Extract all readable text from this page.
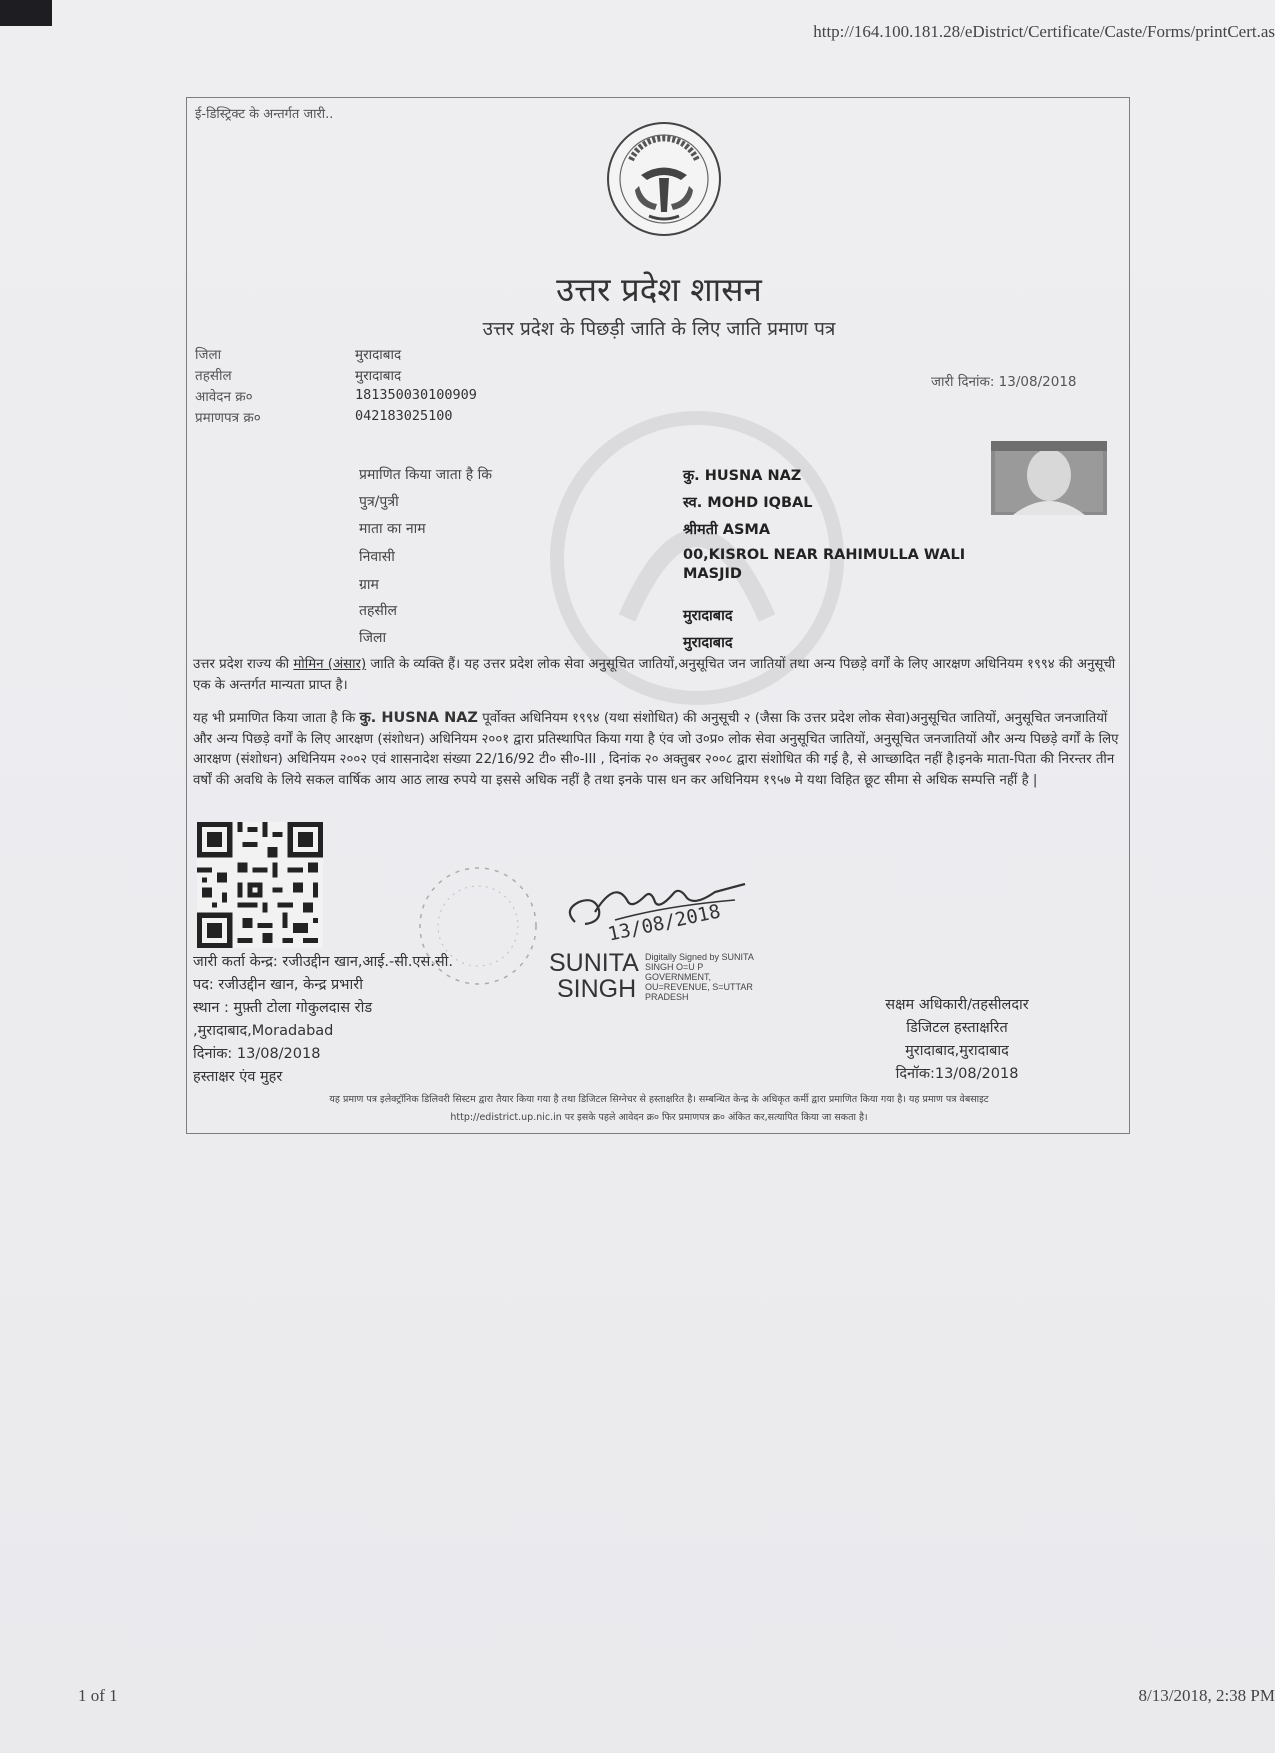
http://164.100.181.28/eDistrict/Certificate/Caste/Forms/printCert.as
ई-डिस्ट्रिक्ट के अन्तर्गत जारी..
उत्तर प्रदेश शासन
उत्तर प्रदेश के पिछड़ी जाति के लिए जाति प्रमाण पत्र
जिला	मुरादाबाद
तहसील	मुरादाबाद
आवेदन क्र०	181350030100909
प्रमाणपत्र क्र०	042183025100
जारी दिनांक: 13/08/2018
प्रमाणित किया जाता है कि	कु. HUSNA NAZ
पुत्र/पुत्री	स्व. MOHD IQBAL
माता का नाम	श्रीमती ASMA
निवासी	00,KISROL NEAR RAHIMULLA WALI
MASJID
ग्राम
तहसील	मुरादाबाद
जिला	मुरादाबाद
उत्तर प्रदेश राज्य की मोमिन (अंसार) जाति के व्यक्ति हैं। यह उत्तर प्रदेश लोक सेवा अनुसूचित जातियों,अनुसूचित जन जातियों तथा अन्य पिछड़े वर्गों के लिए आरक्षण अधिनियम १९९४ की अनुसूची एक के अन्तर्गत मान्यता प्राप्त है।
यह भी प्रमाणित किया जाता है कि कु. HUSNA NAZ पूर्वोक्त अधिनियम १९९४ (यथा संशोधित) की अनुसूची २ (जैसा कि उत्तर प्रदेश लोक सेवा)अनुसूचित जातियों, अनुसूचित जनजातियों और अन्य पिछड़े वर्गों के लिए आरक्षण (संशोधन) अधिनियम २००१ द्वारा प्रतिस्थापित किया गया है एंव जो उ०प्र० लोक सेवा अनुसूचित जातियों, अनुसूचित जनजातियों और अन्य पिछड़े वर्गों के लिए आरक्षण (संशोधन) अधिनियम २००२ एवं शासनादेश संख्या 22/16/92 टी० सी०-III , दिनांक २० अक्तुबर २००८ द्वारा संशोधित की गई है, से आच्छादित नहीं है।इनके माता-पिता की निरन्तर तीन वर्षों की अवधि के लिये सकल वार्षिक आय आठ लाख रुपये या इससे अधिक नहीं है तथा इनके पास धन कर अधिनियम १९५७ मे यथा विहित छूट सीमा से अधिक सम्पत्ति नहीं है |
13/08/2018
SUNITA
SINGH
Digitally Signed by SUNITA
SINGH O=U P
GOVERNMENT,
OU=REVENUE, S=UTTAR
PRADESH
जारी कर्ता केन्द्र: रजीउद्दीन खान,आई.-सी.एस.सी.
पद: रजीउद्दीन खान, केन्द्र प्रभारी
स्थान : मुफ़्ती टोला गोकुलदास रोड
,मुरादाबाद,Moradabad
दिनांक: 13/08/2018
हस्ताक्षर एंव मुहर
सक्षम अधिकारी/तहसीलदार
डिजिटल हस्ताक्षरित
मुरादाबाद,मुरादाबाद
दिनॉक:13/08/2018
यह प्रमाण पत्र इलेक्ट्रॉनिक डिलिवरी सिस्टम द्वारा तैयार किया गया है तथा डिजिटल सिग्नेचर से हस्ताक्षरित है। सम्बन्धित केन्द्र के अधिकृत कर्मी द्वारा प्रमाणित किया गया है। यह प्रमाण पत्र वेबसाइट
http://edistrict.up.nic.in पर इसके पहले आवेदन क्र० फिर प्रमाणपत्र क्र० अंकित कर,सत्यापित किया जा सकता है।
1 of 1	8/13/2018, 2:38 PM
